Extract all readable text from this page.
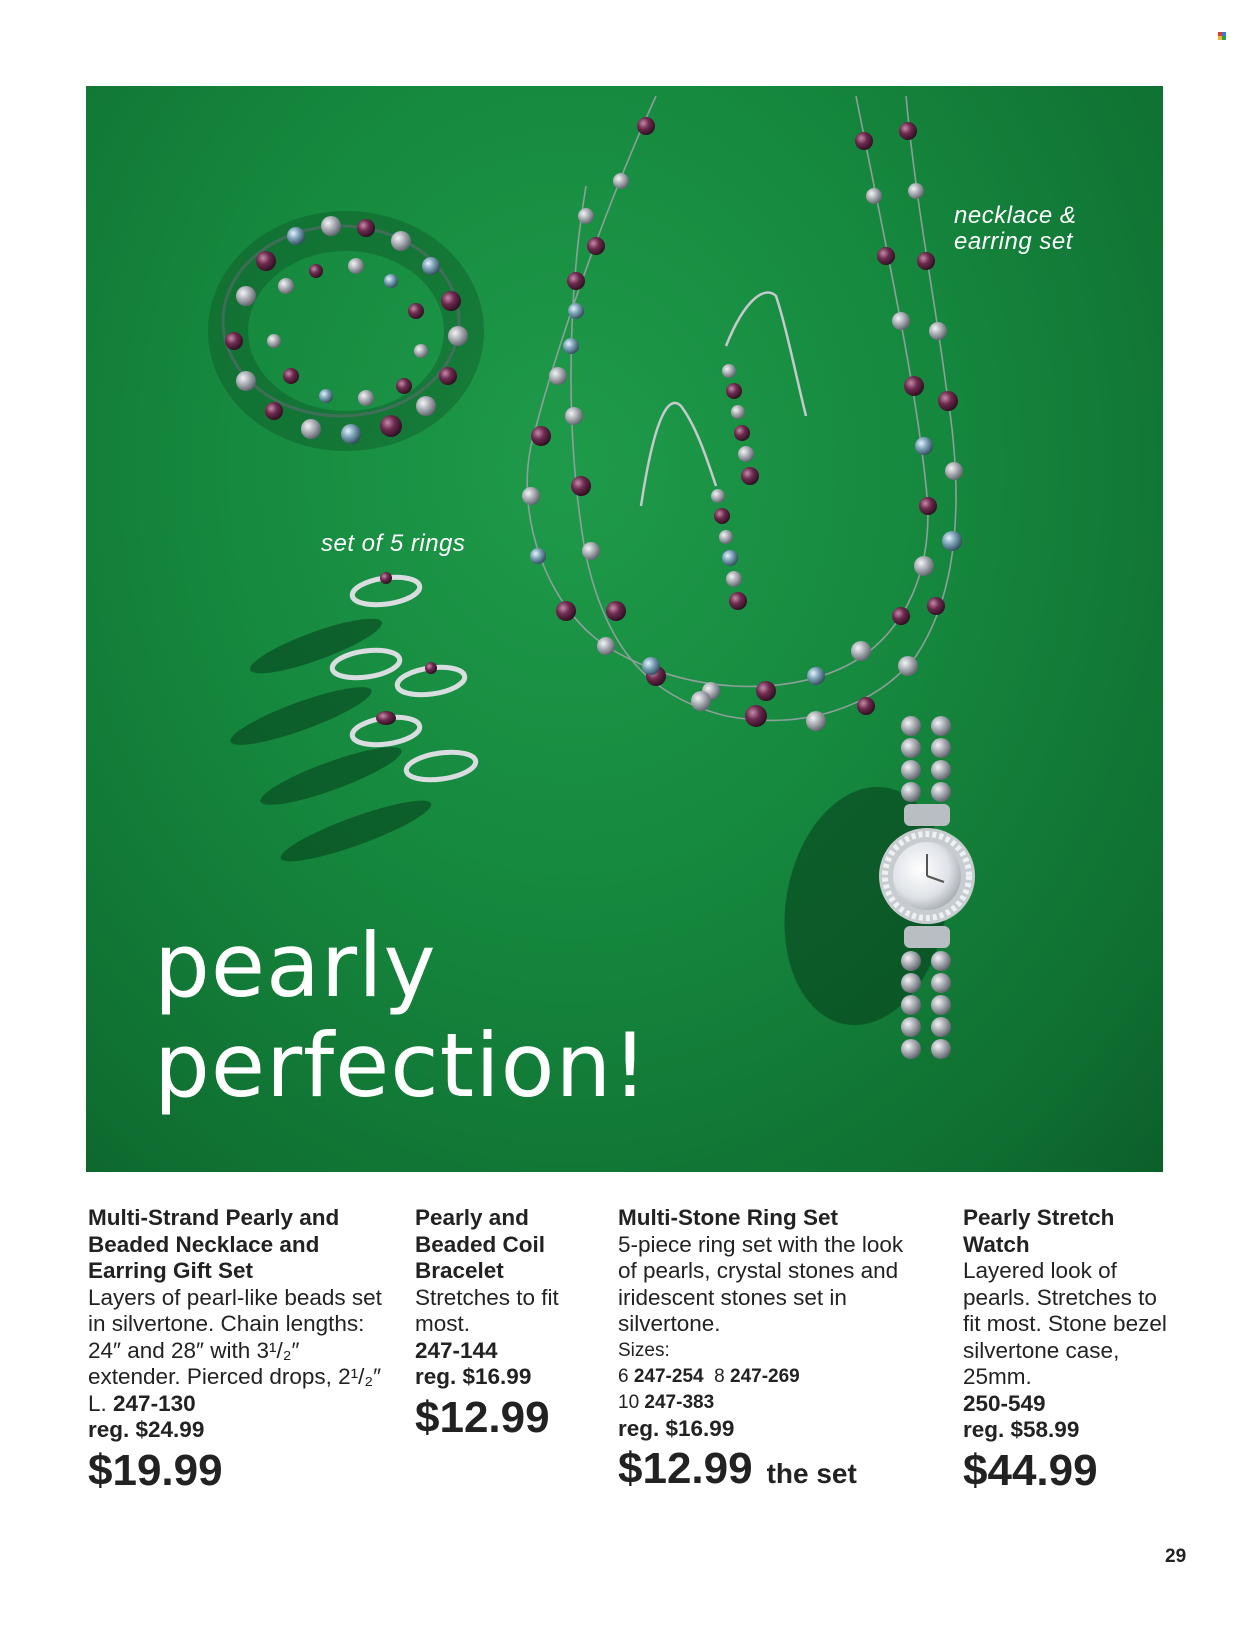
necklace & earring set
set of 5 rings
pearly
perfection!
Multi-Strand Pearly and Beaded Necklace and Earring Gift Set
Layers of pearl-like beads set in silvertone. Chain lengths: 24″ and 28″ with 3¹/₂″ extender. Pierced drops, 2¹/₂″ L. 247-130
reg. $24.99
$19.99
Pearly and Beaded Coil Bracelet
Stretches to fit most.
247-144
reg. $16.99
$12.99
Multi-Stone Ring Set
5-piece ring set with the look of pearls, crystal stones and iridescent stones set in silvertone.
Sizes:
6 247-254 8 247-269
10 247-383
reg. $16.99
$12.99 the set
Pearly Stretch Watch
Layered look of pearls. Stretches to fit most. Stone bezel silvertone case, 25mm.
250-549
reg. $58.99
$44.99
29
